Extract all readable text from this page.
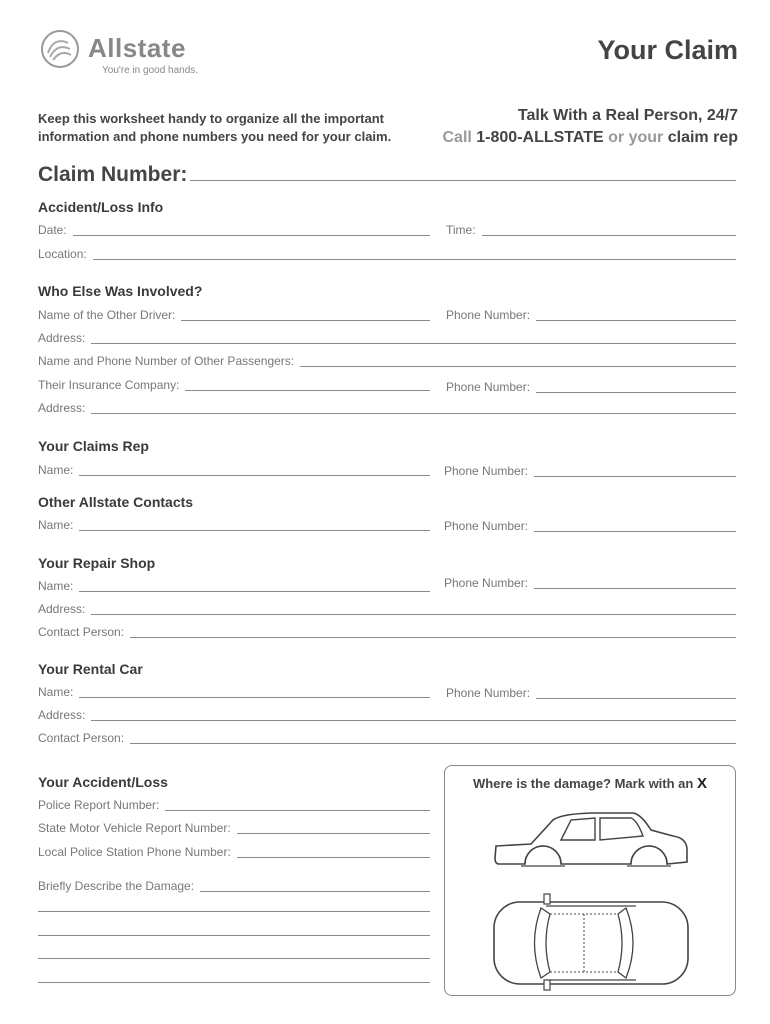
Allstate
You're in good hands.
Your Claim
Keep this worksheet handy to organize all the important
information and phone numbers you need for your claim.
Talk With a Real Person, 24/7
Call 1-800-ALLSTATE or your claim rep
Claim Number:
Accident/Loss Info
Date:	Time:
Location:
Who Else Was Involved?
Name of the Other Driver:	Phone Number:
Address:
Name and Phone Number of Other Passengers:
Their Insurance Company:	Phone Number:
Address:
Your Claims Rep
Name:	Phone Number:
Other Allstate Contacts
Name:	Phone Number:
Your Repair Shop
Name:	Phone Number:
Address:
Contact Person:
Your Rental Car
Name:	Phone Number:
Address:
Contact Person:
Your Accident/Loss
Police Report Number:
State Motor Vehicle Report Number:
Local Police Station Phone Number:
Briefly Describe the Damage:
Where is the damage? Mark with an X
